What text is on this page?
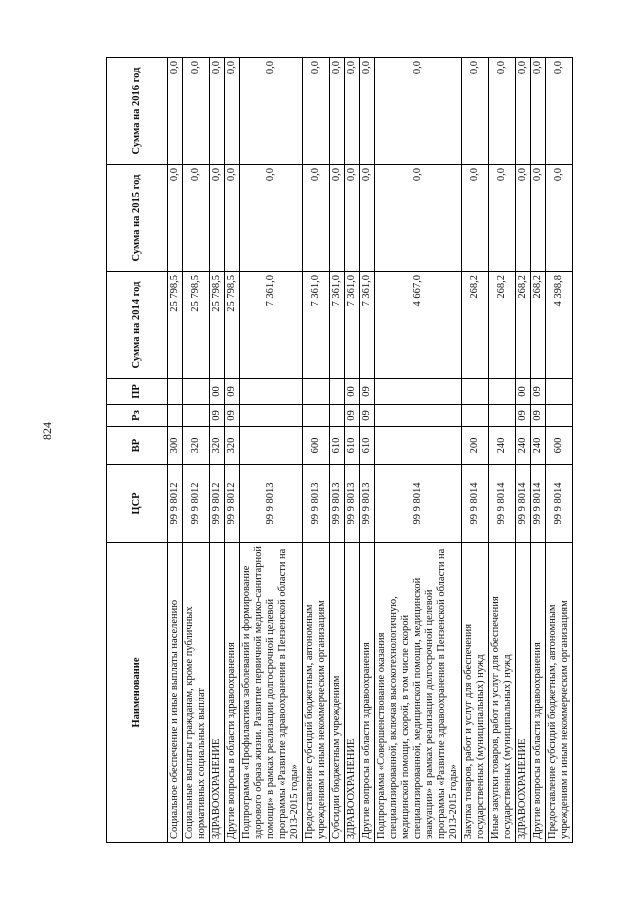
824
Наименование	ЦСР	ВР	Рз	ПР	Сумма на 2014 год	Сумма на 2015 год	Сумма на 2016 год
Социальное обеспечение и иные выплаты населению	99 9 8012	300			25 798,5	0,0	0,0
Социальные выплаты гражданам, кроме публичных нормативных социальных выплат	99 9 8012	320			25 798,5	0,0	0,0
ЗДРАВООХРАНЕНИЕ	99 9 8012	320	09	00	25 798,5	0,0	0,0
Другие вопросы в области здравоохранения	99 9 8012	320	09	09	25 798,5	0,0	0,0
Подпрограмма «Профилактика заболеваний и формирование здорового образа жизни. Развитие первичной медико-санитарной помощи» в рамках реализации долгосрочной целевой программы «Развитие здравоохранения в Пензенской области на 2013-2015 годы»	99 9 8013				7 361,0	0,0	0,0
Предоставление субсидий бюджетным, автономным учреждениям и иным некоммерческим организациям	99 9 8013	600			7 361,0	0,0	0,0
Субсидии бюджетным учреждениям	99 9 8013	610			7 361,0	0,0	0,0
ЗДРАВООХРАНЕНИЕ	99 9 8013	610	09	00	7 361,0	0,0	0,0
Другие вопросы в области здравоохранения	99 9 8013	610	09	09	7 361,0	0,0	0,0
Подпрограмма «Совершенствование оказания специализированной, включая высокотехнологичную, медицинской помощи, скорой, в том числе скорой специализированной, медицинской помощи, медицинской эвакуации» в рамках реализации долгосрочной целевой программы «Развитие здравоохранения в Пензенской области на 2013-2015 годы»	99 9 8014				4 667,0	0,0	0,0
Закупка товаров, работ и услуг для обеспечения государственных (муниципальных) нужд	99 9 8014	200			268,2	0,0	0,0
Иные закупки товаров, работ и услуг для обеспечения государственных (муниципальных) нужд	99 9 8014	240			268,2	0,0	0,0
ЗДРАВООХРАНЕНИЕ	99 9 8014	240	09	00	268,2	0,0	0,0
Другие вопросы в области здравоохранения	99 9 8014	240	09	09	268,2	0,0	0,0
Предоставление субсидий бюджетным, автономным учреждениям и иным некоммерческим организациям	99 9 8014	600			4 398,8	0,0	0,0
